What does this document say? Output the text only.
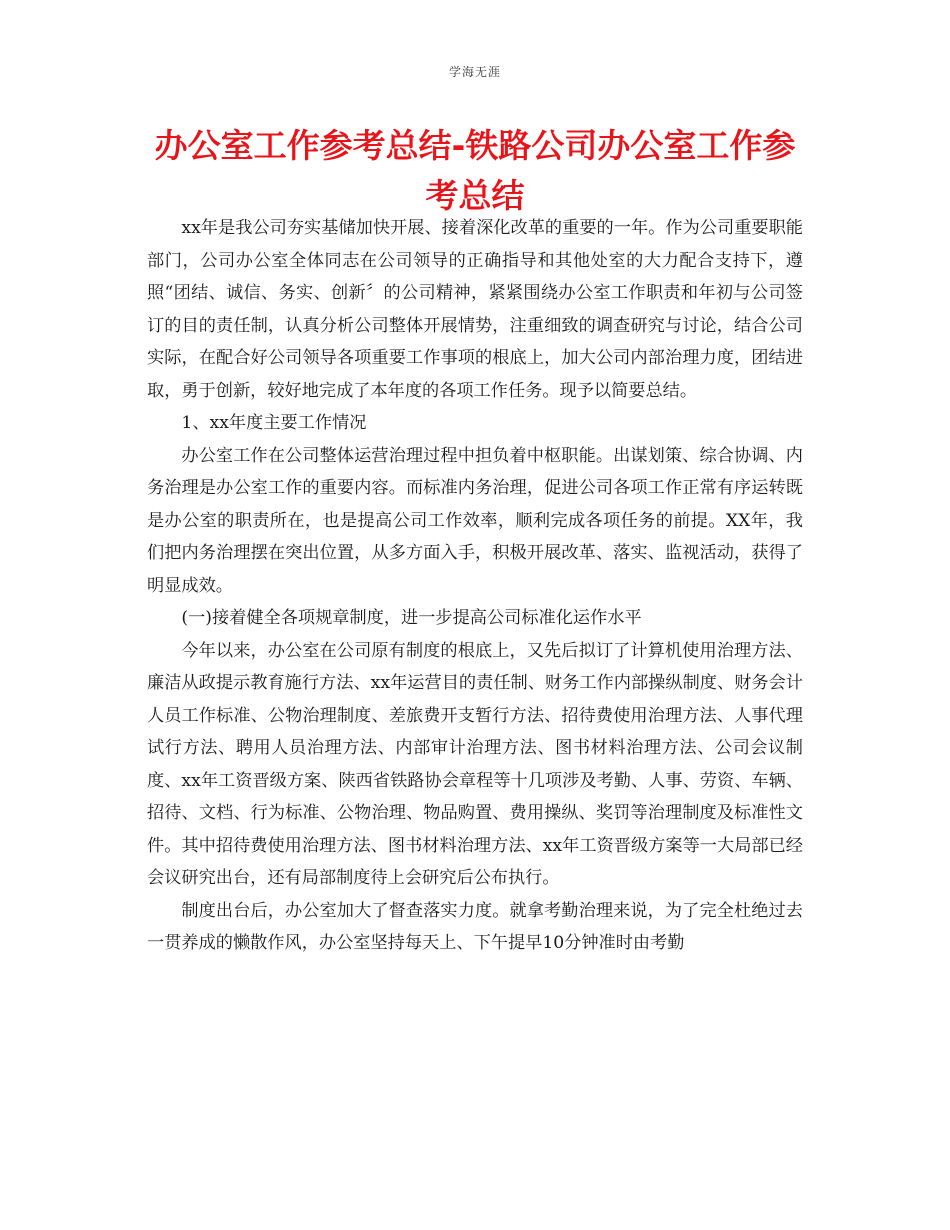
学海无涯
办公室工作参考总结-铁路公司办公室工作参考总结

xx年是我公司夯实基储加快开展、接着深化改革的重要的一年。作为公司重要职能部门，公司办公室全体同志在公司领导的正确指导和其他处室的大力配合支持下，遵照“团结、诚信、务实、创新〞的公司精神，紧紧围绕办公室工作职责和年初与公司签订的目的责任制，认真分析公司整体开展情势，注重细致的调查研究与讨论，结合公司实际，在配合好公司领导各项重要工作事项的根底上，加大公司内部治理力度，团结进取，勇于创新，较好地完成了本年度的各项工作任务。现予以简要总结。

1、xx年度主要工作情况

办公室工作在公司整体运营治理过程中担负着中枢职能。出谋划策、综合协调、内务治理是办公室工作的重要内容。而标准内务治理，促进公司各项工作正常有序运转既是办公室的职责所在，也是提高公司工作效率，顺利完成各项任务的前提。XX年，我们把内务治理摆在突出位置，从多方面入手，积极开展改革、落实、监视活动，获得了明显成效。

(一)接着健全各项规章制度，进一步提高公司标准化运作水平

今年以来，办公室在公司原有制度的根底上，又先后拟订了计算机使用治理方法、廉洁从政提示教育施行方法、xx年运营目的责任制、财务工作内部操纵制度、财务会计人员工作标准、公物治理制度、差旅费开支暂行方法、招待费使用治理方法、人事代理试行方法、聘用人员治理方法、内部审计治理方法、图书材料治理方法、公司会议制度、xx年工资晋级方案、陕西省铁路协会章程等十几项涉及考勤、人事、劳资、车辆、招待、文档、行为标准、公物治理、物品购置、费用操纵、奖罚等治理制度及标准性文件。其中招待费使用治理方法、图书材料治理方法、xx年工资晋级方案等一大局部已经会议研究出台，还有局部制度待上会研究后公布执行。

制度出台后，办公室加大了督查落实力度。就拿考勤治理来说，为了完全杜绝过去一贯养成的懒散作风，办公室坚持每天上、下午提早10分钟准时由考勤
